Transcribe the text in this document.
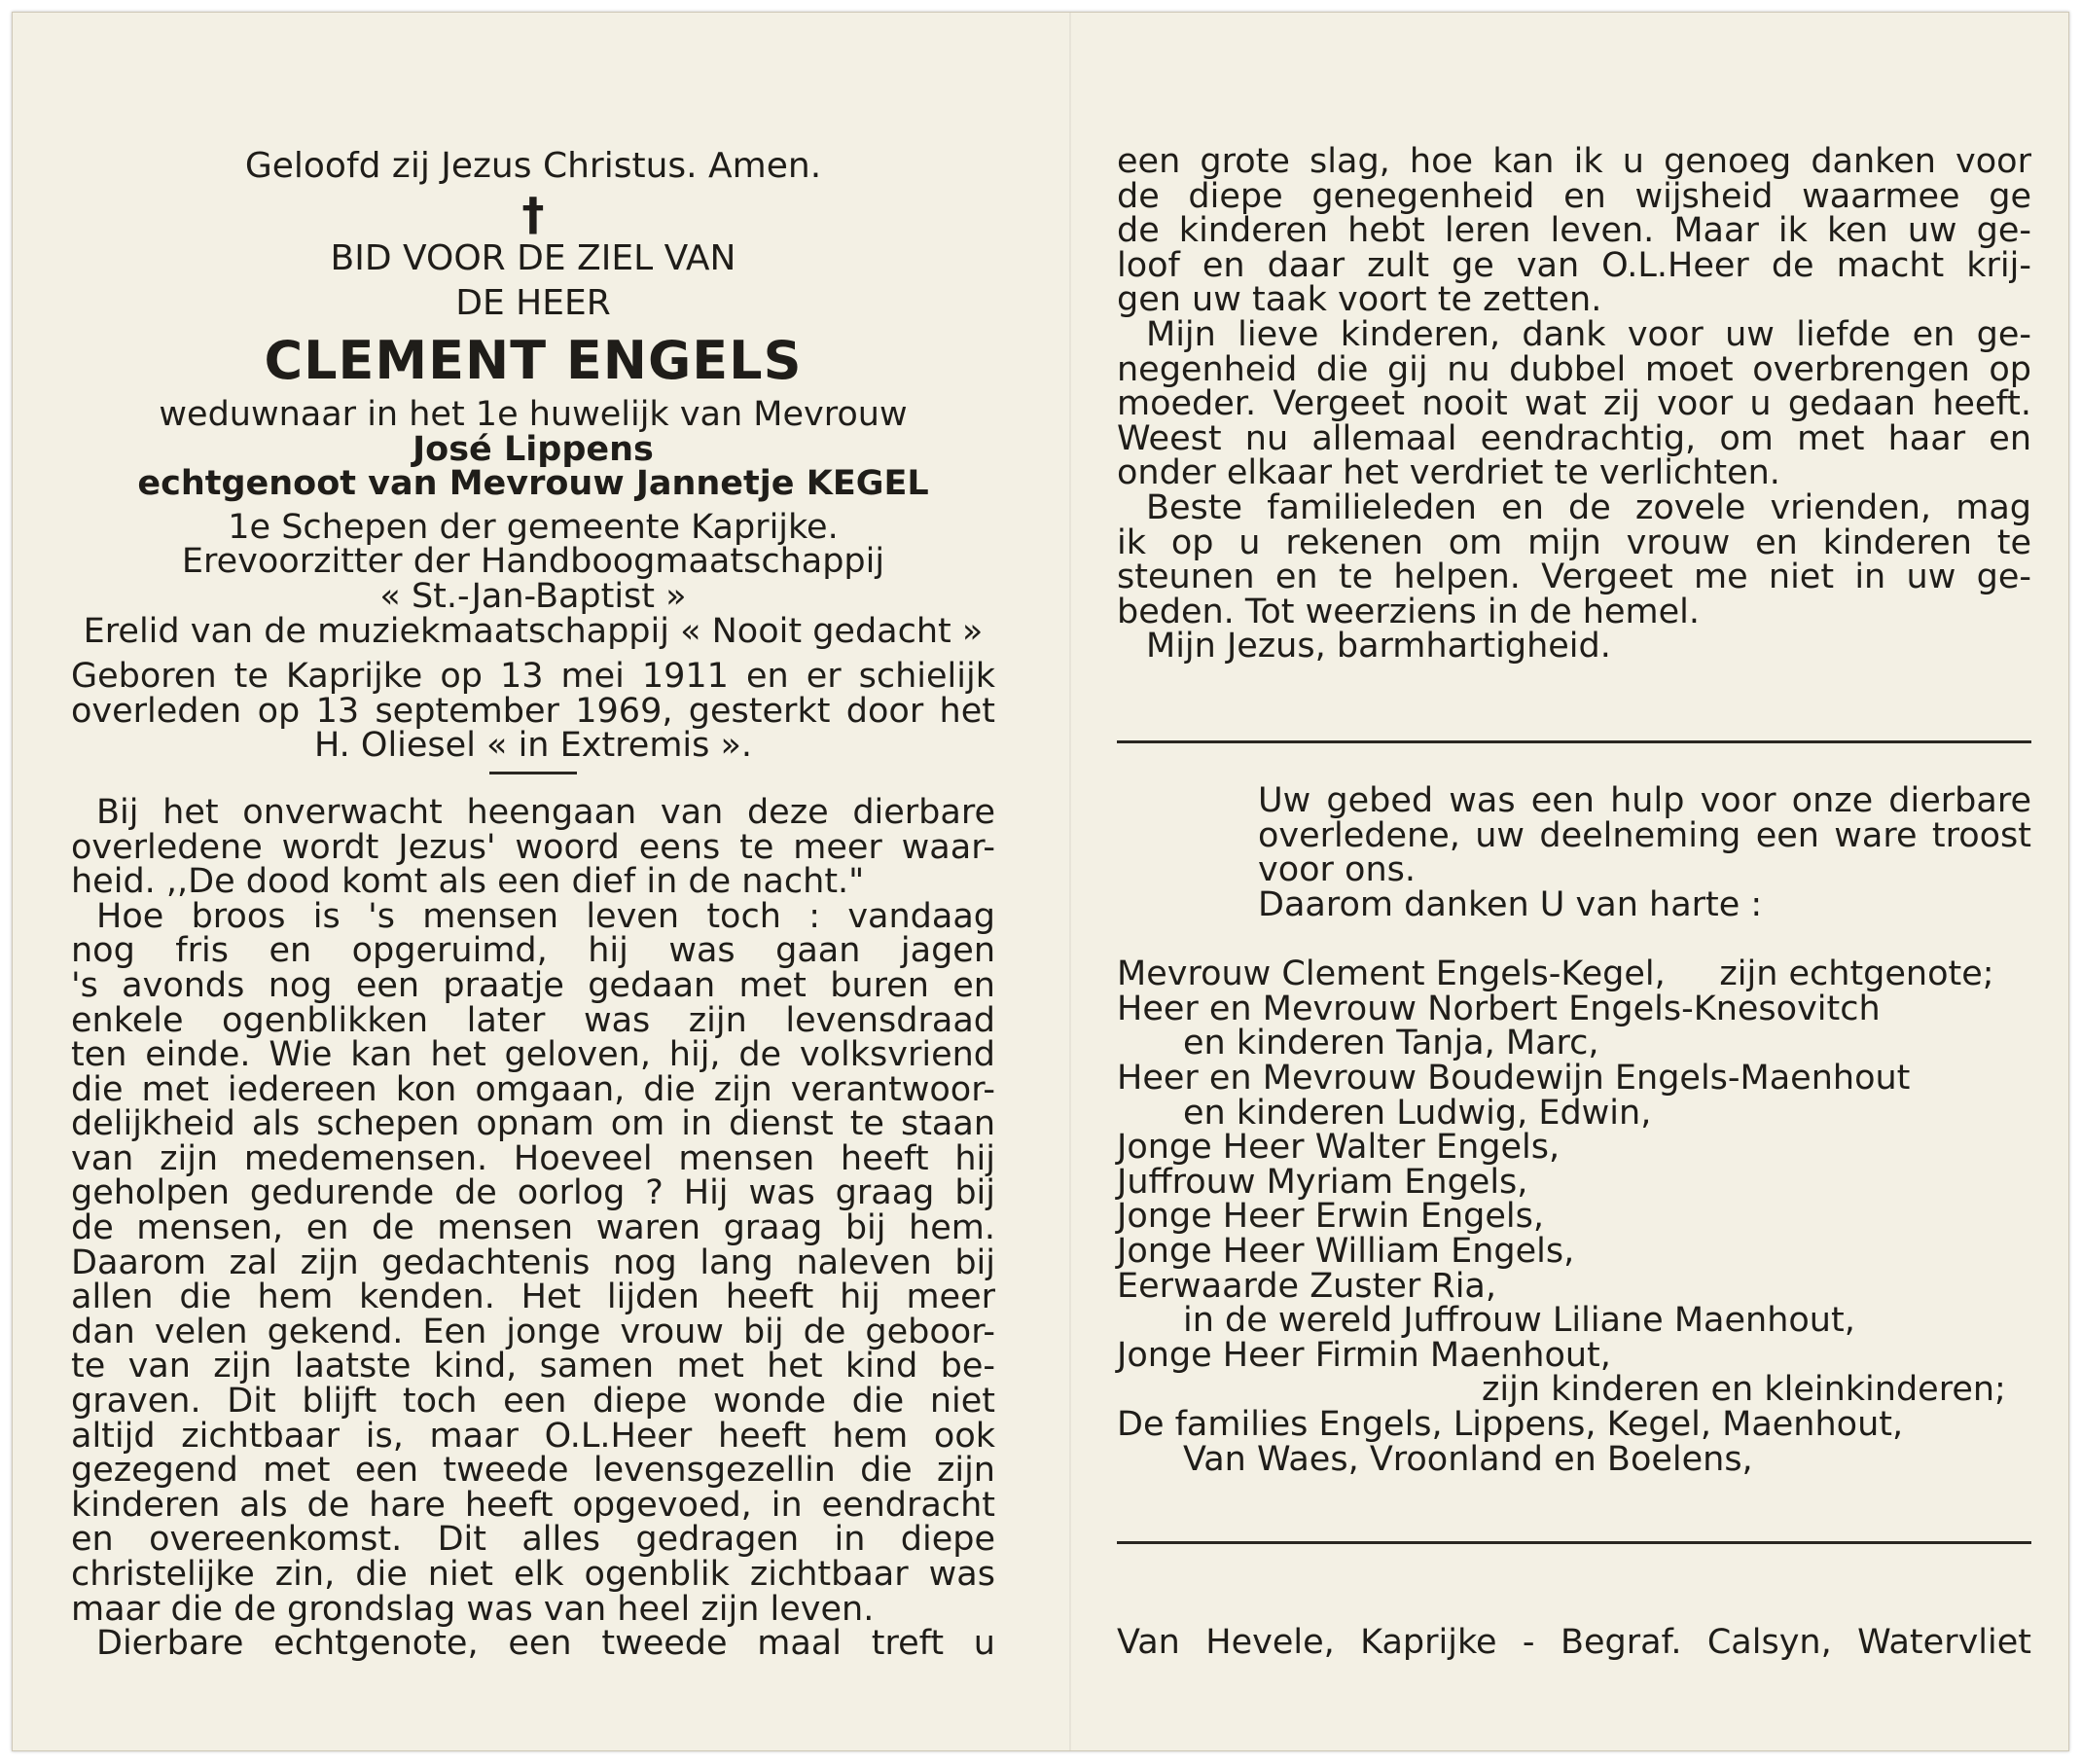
Geloofd zij Jezus Christus. Amen.
†
BID VOOR DE ZIEL VAN
DE HEER
CLEMENT ENGELS
weduwnaar in het 1e huwelijk van Mevrouw
José Lippens
echtgenoot van Mevrouw Jannetje KEGEL
1e Schepen der gemeente Kaprijke.
Erevoorzitter der Handboogmaatschappij
« St.-Jan-Baptist »
Erelid van de muziekmaatschappij « Nooit gedacht »
Geboren te Kaprijke op 13 mei 1911 en er schielijk
overleden op 13 september 1969, gesterkt door het
H. Oliesel « in Extremis ».
Bij het onverwacht heengaan van deze dierbare
overledene wordt Jezus' woord eens te meer waar-
heid. ,,De dood komt als een dief in de nacht."
Hoe broos is 's mensen leven toch : vandaag
nog fris en opgeruimd, hij was gaan jagen
's avonds nog een praatje gedaan met buren en
enkele ogenblikken later was zijn levensdraad
ten einde. Wie kan het geloven, hij, de volksvriend
die met iedereen kon omgaan, die zijn verantwoor-
delijkheid als schepen opnam om in dienst te staan
van zijn medemensen. Hoeveel mensen heeft hij
geholpen gedurende de oorlog ? Hij was graag bij
de mensen, en de mensen waren graag bij hem.
Daarom zal zijn gedachtenis nog lang naleven bij
allen die hem kenden. Het lijden heeft hij meer
dan velen gekend. Een jonge vrouw bij de geboor-
te van zijn laatste kind, samen met het kind be-
graven. Dit blijft toch een diepe wonde die niet
altijd zichtbaar is, maar O.L.Heer heeft hem ook
gezegend met een tweede levensgezellin die zijn
kinderen als de hare heeft opgevoed, in eendracht
en overeenkomst. Dit alles gedragen in diepe
christelijke zin, die niet elk ogenblik zichtbaar was
maar die de grondslag was van heel zijn leven.
Dierbare echtgenote, een tweede maal treft u
een grote slag, hoe kan ik u genoeg danken voor
de diepe genegenheid en wijsheid waarmee ge
de kinderen hebt leren leven. Maar ik ken uw ge-
loof en daar zult ge van O.L.Heer de macht krij-
gen uw taak voort te zetten.
Mijn lieve kinderen, dank voor uw liefde en ge-
negenheid die gij nu dubbel moet overbrengen op
moeder. Vergeet nooit wat zij voor u gedaan heeft.
Weest nu allemaal eendrachtig, om met haar en
onder elkaar het verdriet te verlichten.
Beste familieleden en de zovele vrienden, mag
ik op u rekenen om mijn vrouw en kinderen te
steunen en te helpen. Vergeet me niet in uw ge-
beden. Tot weerziens in de hemel.
Mijn Jezus, barmhartigheid.
Uw gebed was een hulp voor onze dierbare
overledene, uw deelneming een ware troost
voor ons.
Daarom danken U van harte :
Mevrouw Clement Engels-Kegel,     zijn echtgenote;
Heer en Mevrouw Norbert Engels-Knesovitch
en kinderen Tanja, Marc,
Heer en Mevrouw Boudewijn Engels-Maenhout
en kinderen Ludwig, Edwin,
Jonge Heer Walter Engels,
Juffrouw Myriam Engels,
Jonge Heer Erwin Engels,
Jonge Heer William Engels,
Eerwaarde Zuster Ria,
in de wereld Juffrouw Liliane Maenhout,
Jonge Heer Firmin Maenhout,
zijn kinderen en kleinkinderen;
De families Engels, Lippens, Kegel, Maenhout,
Van Waes, Vroonland en Boelens,
Van Hevele, Kaprijke - Begraf. Calsyn, Watervliet
